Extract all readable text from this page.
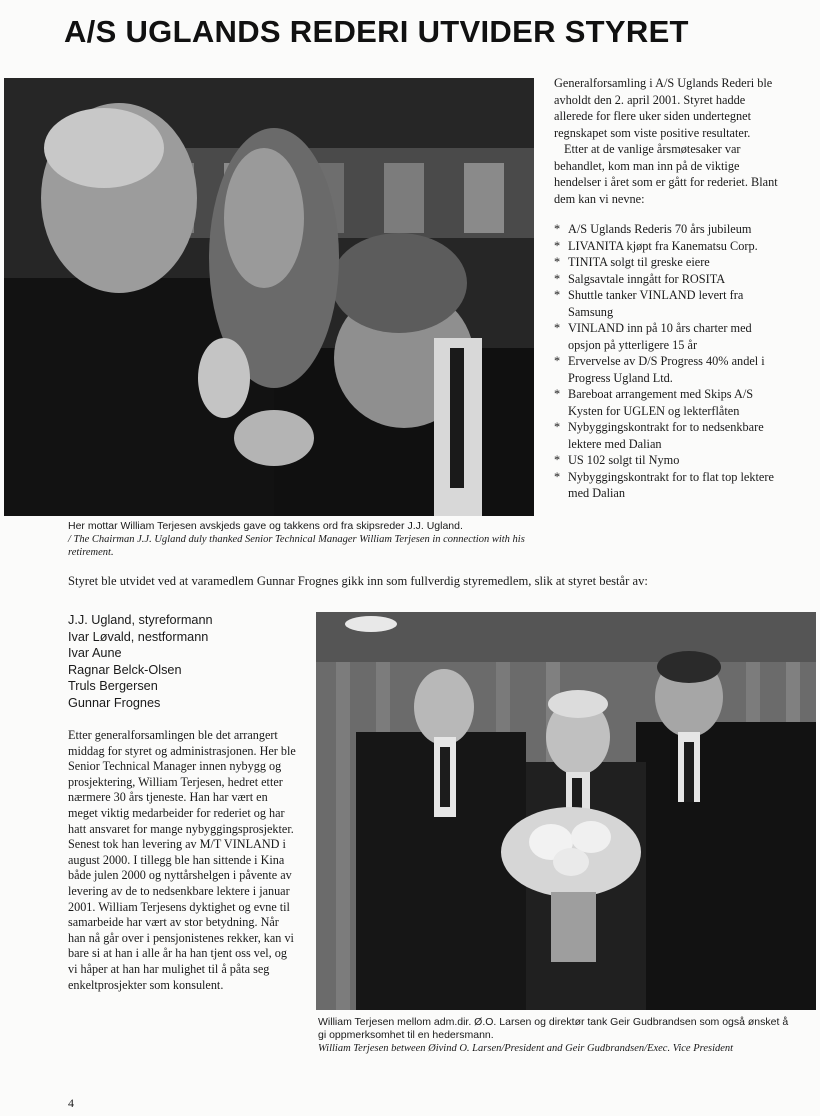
A/S UGLANDS REDERI UTVIDER STYRET
Her mottar William Terjesen avskjeds gave og takkens ord fra skipsreder J.J. Ugland.
/ The Chairman J.J. Ugland duly thanked Senior Technical Manager William Terjesen in connection with his retirement.

Generalforsamling i A/S Uglands Rederi ble avholdt den 2. april 2001. Styret hadde allerede for flere uker siden undertegnet regnskapet som viste positive resultater.

Etter at de vanlige årsmøtesaker var behandlet, kom man inn på de viktige hendelser i året som er gått for rederiet. Blant dem kan vi nevne:

* A/S Uglands Rederis 70 års jubileum
* LIVANITA kjøpt fra Kanematsu Corp.
* TINITA solgt til greske eiere
* Salgsavtale inngått for ROSITA
* Shuttle tanker VINLAND levert fra Samsung
* VINLAND inn på 10 års charter med opsjon på ytterligere 15 år
* Ervervelse av D/S Progress 40% andel i Progress Ugland Ltd.
* Bareboat arrangement med Skips A/S Kysten for UGLEN og lekterflåten
* Nybyggingskontrakt for to nedsenkbare lektere med Dalian
* US 102 solgt til Nymo
* Nybyggingskontrakt for to flat top lektere med Dalian
Styret ble utvidet ved at varamedlem Gunnar Frognes gikk inn som fullverdig styremedlem, slik at styret består av:
J.J. Ugland, styreformann
Ivar Løvald, nestformann
Ivar Aune
Ragnar Belck-Olsen
Truls Bergersen
Gunnar Frognes

Etter generalforsamlingen ble det arrangert middag for styret og administrasjonen. Her ble Senior Technical Manager innen nybygg og prosjektering, William Terjesen, hedret etter nærmere 30 års tjeneste. Han har vært en meget viktig medarbeider for rederiet og har hatt ansvaret for mange nybyggingsprosjekter. Senest tok han levering av M/T VINLAND i august 2000. I tillegg ble han sittende i Kina både julen 2000 og nyttårshelgen i påvente av levering av de to nedsenkbare lektere i januar 2001. William Terjesens dyktighet og evne til samarbeide har vært av stor betydning. Når han nå går over i pensjonistenes rekker, kan vi bare si at han i alle år ha han tjent oss vel, og vi håper at han har mulighet til å påta seg enkeltprosjekter som konsulent.

William Terjesen mellom adm.dir. Ø.O. Larsen og direktør tank Geir Gudbrandsen som også ønsket å gi oppmerksomhet til en hedersmann.
William Terjesen between Øivind O. Larsen/President and Geir Gudbrandsen/Exec. Vice President
4
